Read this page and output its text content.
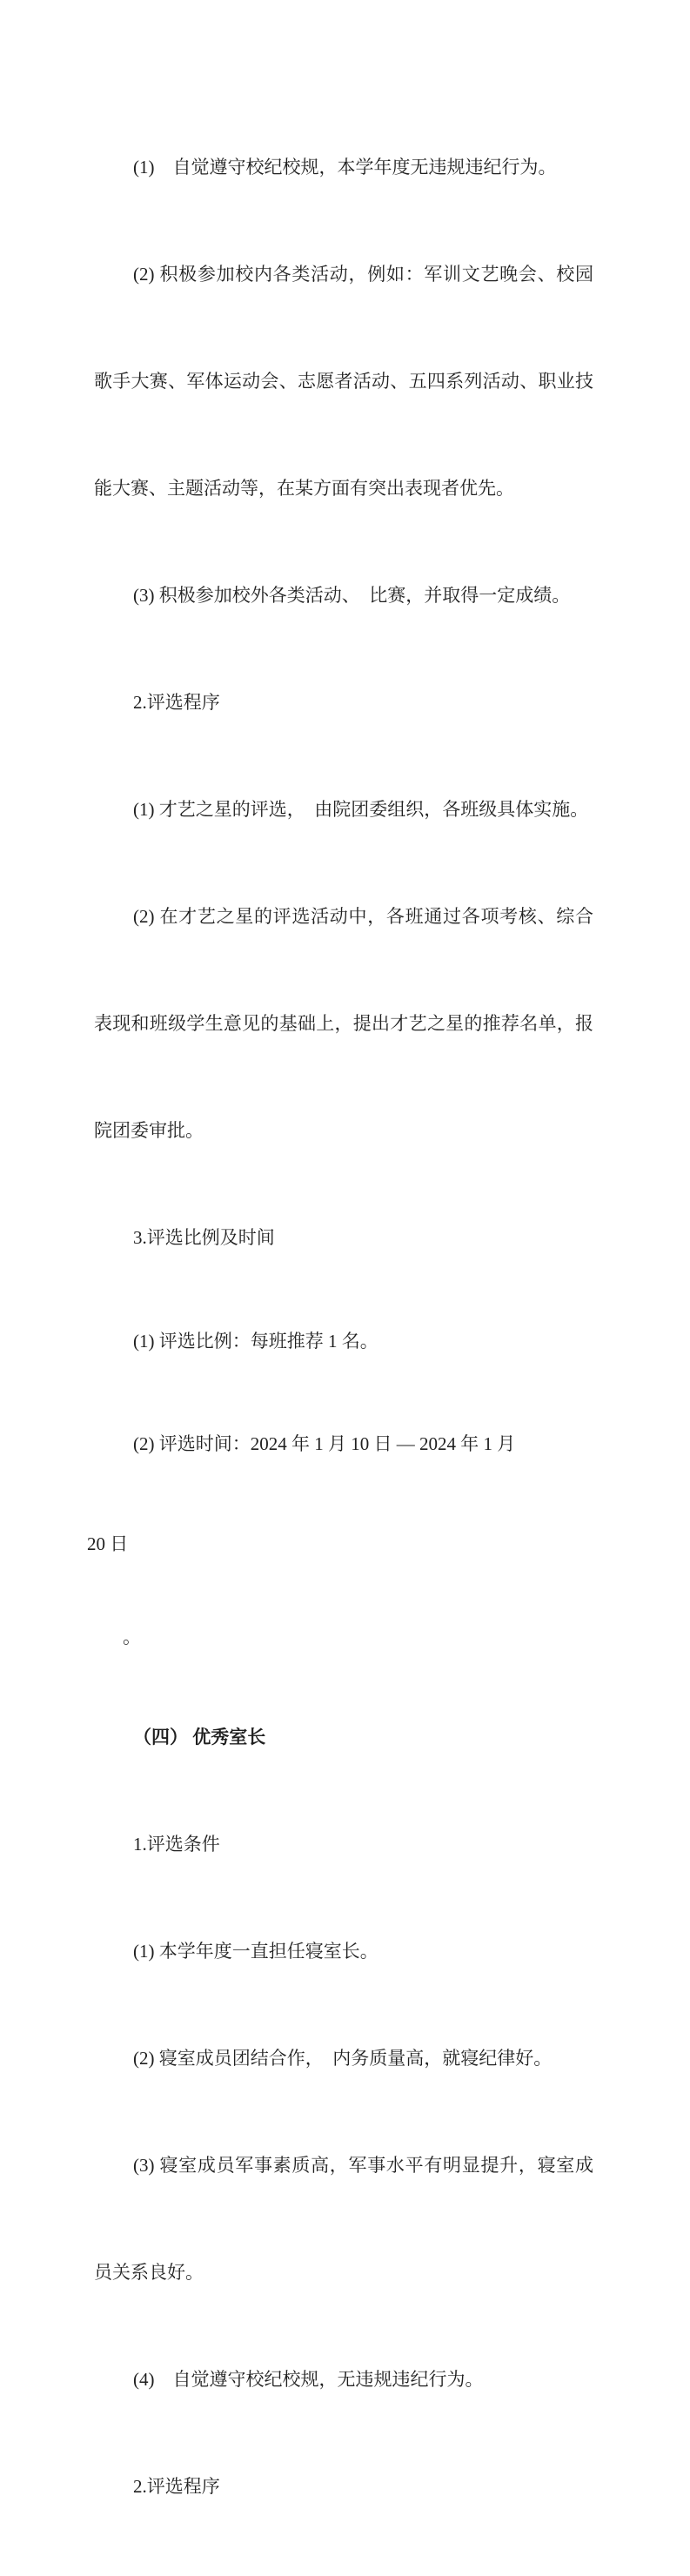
(1)　自觉遵守校纪校规，本学年度无违规违纪行为。

(2) 积极参加校内各类活动，例如：军训文艺晚会、校园

歌手大赛、军体运动会、志愿者活动、五四系列活动、职业技

能大赛、主题活动等，在某方面有突出表现者优先。

(3) 积极参加校外各类活动、　比赛，并取得一定成绩。

2.评选程序

(1) 才艺之星的评选，　由院团委组织，各班级具体实施。

(2) 在才艺之星的评选活动中，各班通过各项考核、综合

表现和班级学生意见的基础上，提出才艺之星的推荐名单，报

院团委审批。

3.评选比例及时间

(1) 评选比例：每班推荐 1 名。

(2) 评选时间：2024 年 1 月 10 日 — 2024 年 1 月

20 日

。

（四） 优秀室长

1.评选条件

(1) 本学年度一直担任寝室长。

(2) 寝室成员团结合作，　内务质量高，就寝纪律好。

(3) 寝室成员军事素质高，军事水平有明显提升，寝室成

员关系良好。

(4)　自觉遵守校纪校规，无违规违纪行为。

2.评选程序
